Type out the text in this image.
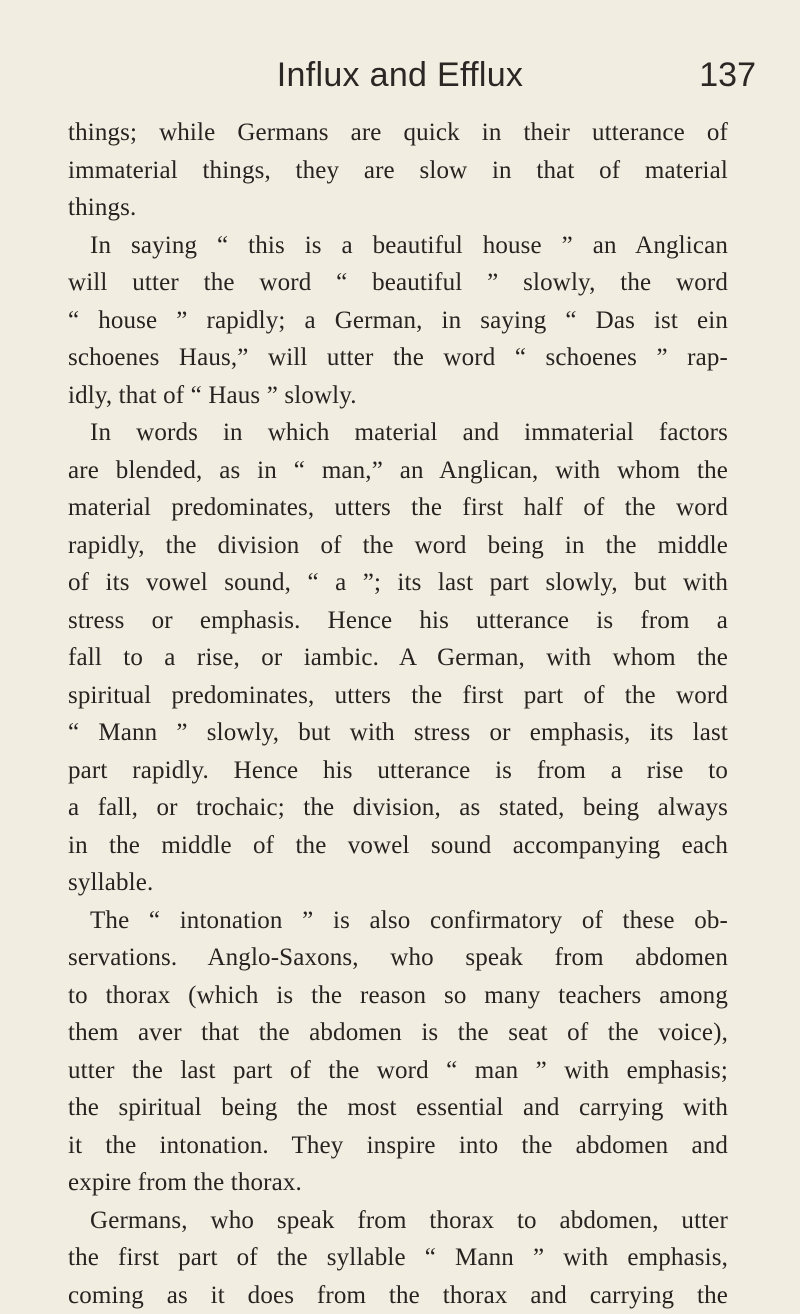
Influx and Efflux	137
things; while Germans are quick in their utterance of
immaterial things, they are slow in that of material
things.
In saying “ this is a beautiful house ” an Anglican
will utter the word “ beautiful ” slowly, the word
“ house ” rapidly; a German, in saying “ Das ist ein
schoenes Haus,” will utter the word “ schoenes ” rap-
idly, that of “ Haus ” slowly.
In words in which material and immaterial factors
are blended, as in “ man,” an Anglican, with whom the
material predominates, utters the first half of the word
rapidly, the division of the word being in the middle
of its vowel sound, “ a ”; its last part slowly, but with
stress or emphasis. Hence his utterance is from a
fall to a rise, or iambic. A German, with whom the
spiritual predominates, utters the first part of the word
“ Mann ” slowly, but with stress or emphasis, its last
part rapidly. Hence his utterance is from a rise to
a fall, or trochaic; the division, as stated, being always
in the middle of the vowel sound accompanying each
syllable.
The “ intonation ” is also confirmatory of these ob-
servations. Anglo-Saxons, who speak from abdomen
to thorax (which is the reason so many teachers among
them aver that the abdomen is the seat of the voice),
utter the last part of the word “ man ” with emphasis;
the spiritual being the most essential and carrying with
it the intonation. They inspire into the abdomen and
expire from the thorax.
Germans, who speak from thorax to abdomen, utter
the first part of the syllable “ Mann ” with emphasis,
coming as it does from the thorax and carrying the
